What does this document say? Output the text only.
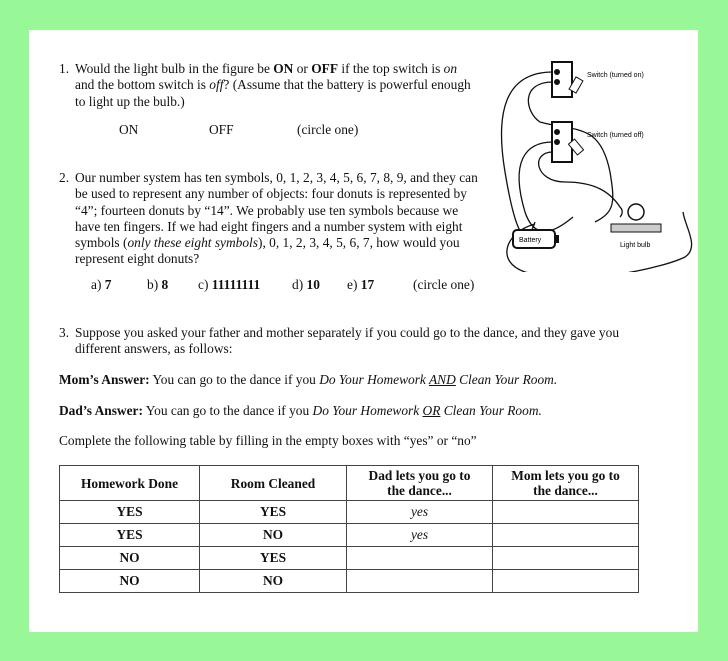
1. Would the light bulb in the figure be ON or OFF if the top switch is on
and the bottom switch is off? (Assume that the battery is powerful enough
to light up the bulb.)
ON	OFF	(circle one)
2. Our number system has ten symbols, 0, 1, 2, 3, 4, 5, 6, 7, 8, 9, and they can
be used to represent any number of objects: four donuts is represented by
“4”; fourteen donuts by “14”. We probably use ten symbols because we
have ten fingers. If we had eight fingers and a number system with eight
symbols (only these eight symbols), 0, 1, 2, 3, 4, 5, 6, 7, how would you
represent eight donuts?
a) 7	b) 8 c) 11111111 d) 10 e) 17	(circle one)
Switch (turned on)
Switch (turned off)
Battery
Light bulb
3. Suppose you asked your father and mother separately if you could go to the dance, and they gave you
different answers, as follows:
Mom’s Answer: You can go to the dance if you Do Your Homework AND Clean Your Room.
Dad’s Answer: You can go to the dance if you Do Your Homework OR Clean Your Room.
Complete the following table by filling in the empty boxes with “yes” or “no”
Homework Done	Room Cleaned	Dad lets you go to the dance...	Mom lets you go to the dance...
YES	YES	yes	
YES	NO	yes	
NO	YES		
NO	NO		
